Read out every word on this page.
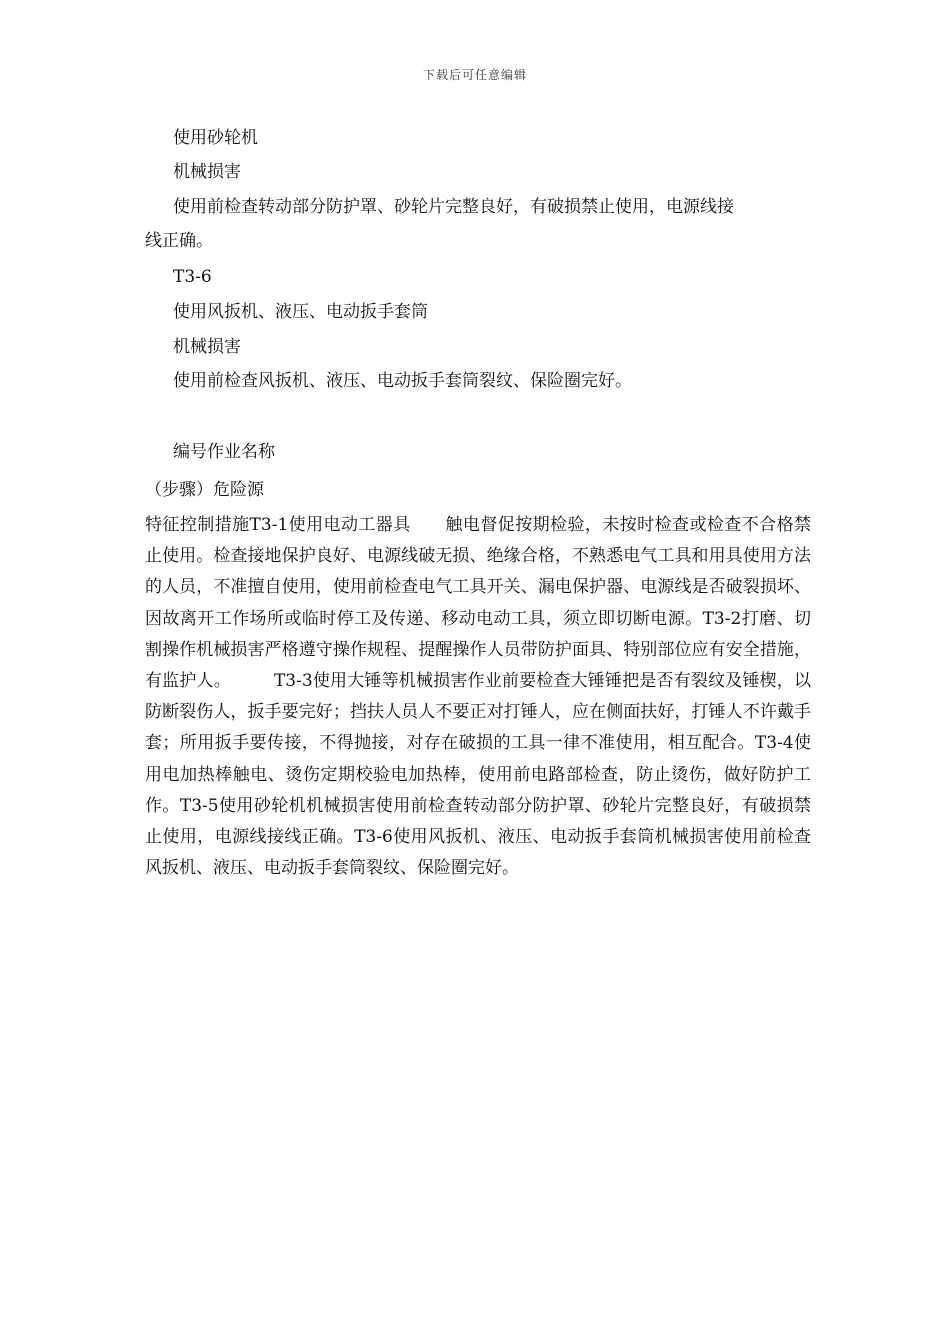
下载后可任意编辑
使用砂轮机
机械损害
使用前检查转动部分防护罩、砂轮片完整良好，有破损禁止使用，电源线接
线正确。
T3-6
使用风扳机、液压、电动扳手套筒
机械损害
使用前检查风扳机、液压、电动扳手套筒裂纹、保险圈完好。
编号作业名称
（步骤）危险源
特征控制措施T3-1使用电动工器具　　触电督促按期检验，未按时检查或检查不合格禁止使用。检查接地保护良好、电源线破无损、绝缘合格，不熟悉电气工具和用具使用方法的人员，不准擅自使用，使用前检查电气工具开关、漏电保护器、电源线是否破裂损坏、因故离开工作场所或临时停工及传递、移动电动工具，须立即切断电源。T3-2打磨、切割操作机械损害严格遵守操作规程、提醒操作人员带防护面具、特别部位应有安全措施，有监护人。　　　T3-3使用大锤等机械损害作业前要检查大锤锤把是否有裂纹及锤楔，以防断裂伤人，扳手要完好；挡扶人员人不要正对打锤人，应在侧面扶好，打锤人不许戴手套；所用扳手要传接，不得抛接，对存在破损的工具一律不准使用，相互配合。T3-4使用电加热棒触电、烫伤定期校验电加热棒，使用前电路部检查，防止烫伤，做好防护工作。T3-5使用砂轮机机械损害使用前检查转动部分防护罩、砂轮片完整良好，有破损禁止使用，电源线接线正确。T3-6使用风扳机、液压、电动扳手套筒机械损害使用前检查风扳机、液压、电动扳手套筒裂纹、保险圈完好。
